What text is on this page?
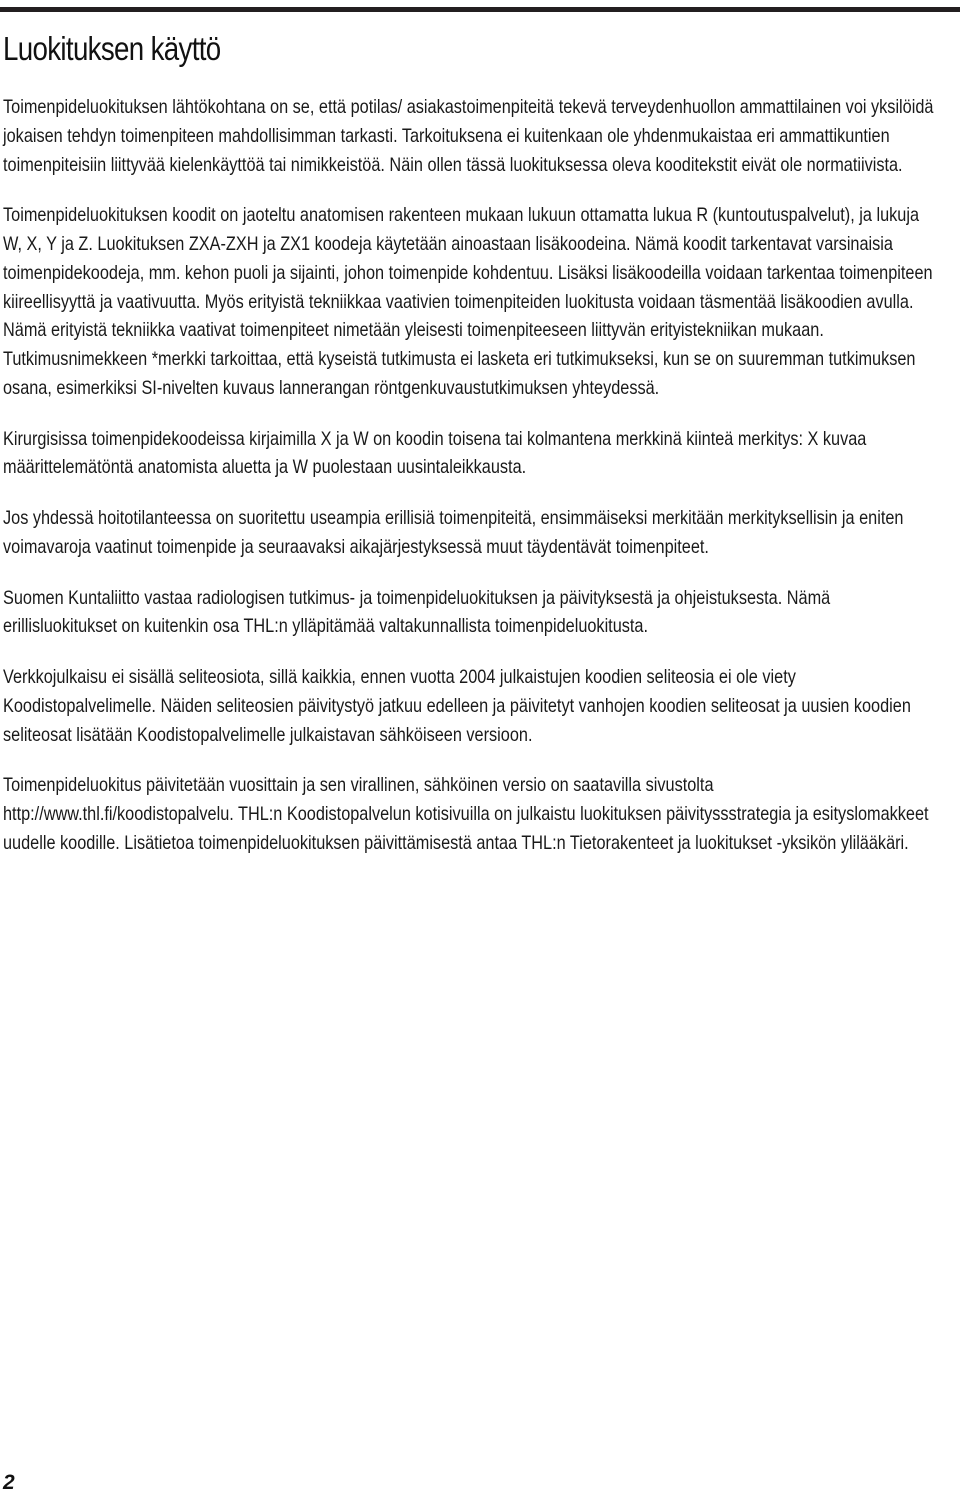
Luokituksen käyttö

Toimenpideluokituksen lähtökohtana on se, että potilas/ asiakastoimenpiteitä tekevä terveydenhuollon ammattilainen voi yksilöidä jokaisen tehdyn toimenpiteen mahdollisimman tarkasti. Tarkoituksena ei kuitenkaan ole yhdenmukaistaa eri ammattikuntien toimenpiteisiin liittyvää kielenkäyttöä tai nimikkeistöä. Näin ollen tässä luokituksessa oleva kooditekstit eivät ole normatiivista.

Toimenpideluokituksen koodit on jaoteltu anatomisen rakenteen mukaan lukuun ottamatta lukua R (kuntoutuspalvelut), ja lukuja W, X, Y ja Z. Luokituksen ZXA-ZXH ja ZX1 koodeja käytetään ainoastaan lisäkoodeina. Nämä koodit tarkentavat varsinaisia toimenpidekoodeja, mm. kehon puoli ja sijainti, johon toimenpide kohdentuu. Lisäksi lisäkoodeilla voidaan tarkentaa toimenpiteen kiireellisyyttä ja vaativuutta. Myös erityistä tekniikkaa vaativien toimenpiteiden luokitusta voidaan täsmentää lisäkoodien avulla. Nämä erityistä tekniikka vaativat toimenpiteet nimetään yleisesti toimenpiteeseen liittyvän erityistekniikan mukaan. Tutkimusnimekkeen *merkki tarkoittaa, että kyseistä tutkimusta ei lasketa eri tutkimukseksi, kun se on suuremman tutkimuksen osana, esimerkiksi SI-nivelten kuvaus lannerangan röntgenkuvaustutkimuksen yhteydessä.

Kirurgisissa toimenpidekoodeissa kirjaimilla X ja W on koodin toisena tai kolmantena merkkinä kiinteä merkitys: X kuvaa määrittelemätöntä anatomista aluetta ja W puolestaan uusintaleikkausta.

Jos yhdessä hoitotilanteessa on suoritettu useampia erillisiä toimenpiteitä, ensimmäiseksi merkitään merkityksellisin ja eniten voimavaroja vaatinut toimenpide ja seuraavaksi aikajärjestyksessä muut täydentävät toimenpiteet.

Suomen Kuntaliitto vastaa radiologisen tutkimus- ja toimenpideluokituksen ja päivityksestä ja ohjeistuksesta. Nämä erillisluokitukset on kuitenkin osa THL:n ylläpitämää valtakunnallista toimenpideluokitusta.

Verkkojulkaisu ei sisällä seliteosiota, sillä kaikkia, ennen vuotta 2004 julkaistujen koodien seliteosia ei ole viety Koodistopalvelimelle. Näiden seliteosien päivitystyö jatkuu edelleen ja päivitetyt vanhojen koodien seliteosat ja uusien koodien seliteosat lisätään Koodistopalvelimelle julkaistavan sähköiseen versioon.

Toimenpideluokitus päivitetään vuosittain ja sen virallinen, sähköinen versio on saatavilla sivustolta http://www.thl.fi/koodistopalvelu. THL:n Koodistopalvelun kotisivuilla on julkaistu luokituksen päivityssstrategia ja esityslomakkeet uudelle koodille. Lisätietoa toimenpideluokituksen päivittämisestä antaa THL:n Tietorakenteet ja luokitukset -yksikön ylilääkäri.

2
